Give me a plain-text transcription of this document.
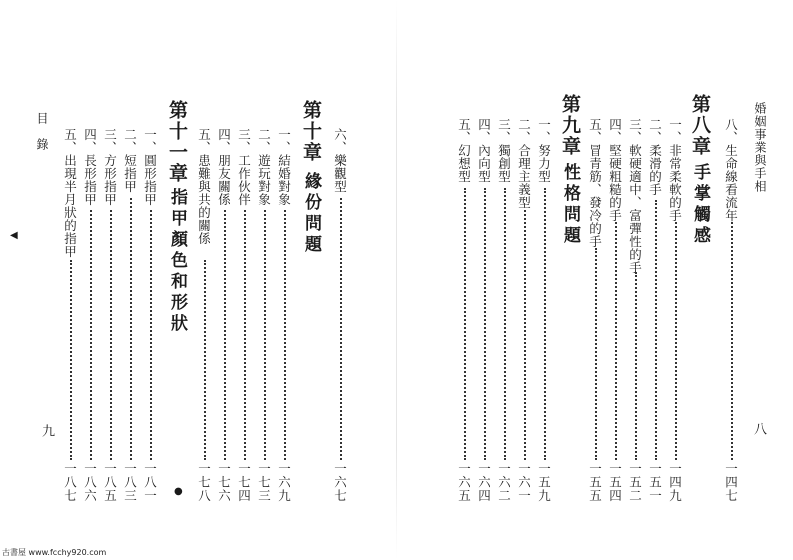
婚姻事業與手相
八
八、生命線看流年
一四七
第八章
手掌觸感
一、非常柔軟的手
一四九
二、柔滑的手
一五一
三、軟硬適中、富彈性的手
一五二
四、堅硬粗糙的手
一五四
五、冒青筋、發冷的手
一五五
第九章
性格問題
一、努力型
一五九
二、合理主義型
一六一
三、獨創型
一六二
四、內向型
一六四
五、幻想型
一六五
六、樂觀型
一六七
第十章
緣份問題
一、結婚對象
一六九
二、遊玩對象
一七三
三、工作伙伴
一七四
四、朋友關係
一七六
五、患難與共的關係
一七八
第十一章
指甲顏色和形狀
一、圓形指甲
一八一
二、短指甲
一八三
三、方形指甲
一八五
四、長形指甲
一八六
五、出現半月狀的指甲
一八七
目錄
九
◀
●
古書屋 www.fcchy920.com
